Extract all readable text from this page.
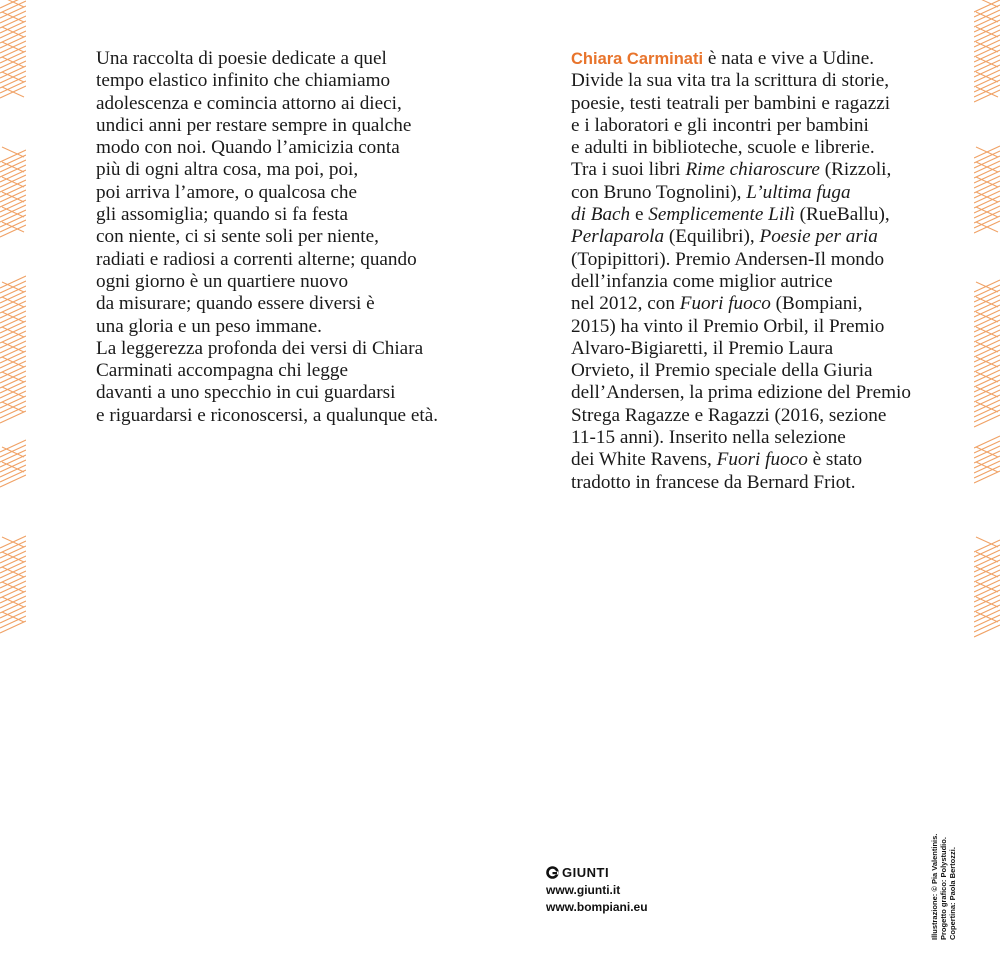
Una raccolta di poesie dedicate a quel
tempo elastico infinito che chiamiamo
adolescenza e comincia attorno ai dieci,
undici anni per restare sempre in qualche
modo con noi. Quando l’amicizia conta
più di ogni altra cosa, ma poi, poi,
poi arriva l’amore, o qualcosa che
gli assomiglia; quando si fa festa
con niente, ci si sente soli per niente,
radiati e radiosi a correnti alterne; quando
ogni giorno è un quartiere nuovo
da misurare; quando essere diversi è
una gloria e un peso immane.
La leggerezza profonda dei versi di Chiara
Carminati accompagna chi legge
davanti a uno specchio in cui guardarsi
e riguardarsi e riconoscersi, a qualunque età.
Chiara Carminati è nata e vive a Udine.
Divide la sua vita tra la scrittura di storie,
poesie, testi teatrali per bambini e ragazzi
e i laboratori e gli incontri per bambini
e adulti in biblioteche, scuole e librerie.
Tra i suoi libri Rime chiaroscure (Rizzoli,
con Bruno Tognolini), L’ultima fuga
di Bach e Semplicemente Lilì (RueBallu),
Perlaparola (Equilibri), Poesie per aria
(Topipittori). Premio Andersen-Il mondo
dell’infanzia come miglior autrice
nel 2012, con Fuori fuoco (Bompiani,
2015) ha vinto il Premio Orbil, il Premio
Alvaro-Bigiaretti, il Premio Laura
Orvieto, il Premio speciale della Giuria
dell’Andersen, la prima edizione del Premio
Strega Ragazze e Ragazzi (2016, sezione
11-15 anni). Inserito nella selezione
dei White Ravens, Fuori fuoco è stato
tradotto in francese da Bernard Friot.
GIUNTI
www.giunti.it
www.bompiani.eu	Illustrazione: © Pia Valentinis. Progetto grafico: Polystudio. Copertina: Paola Bertozzi.
